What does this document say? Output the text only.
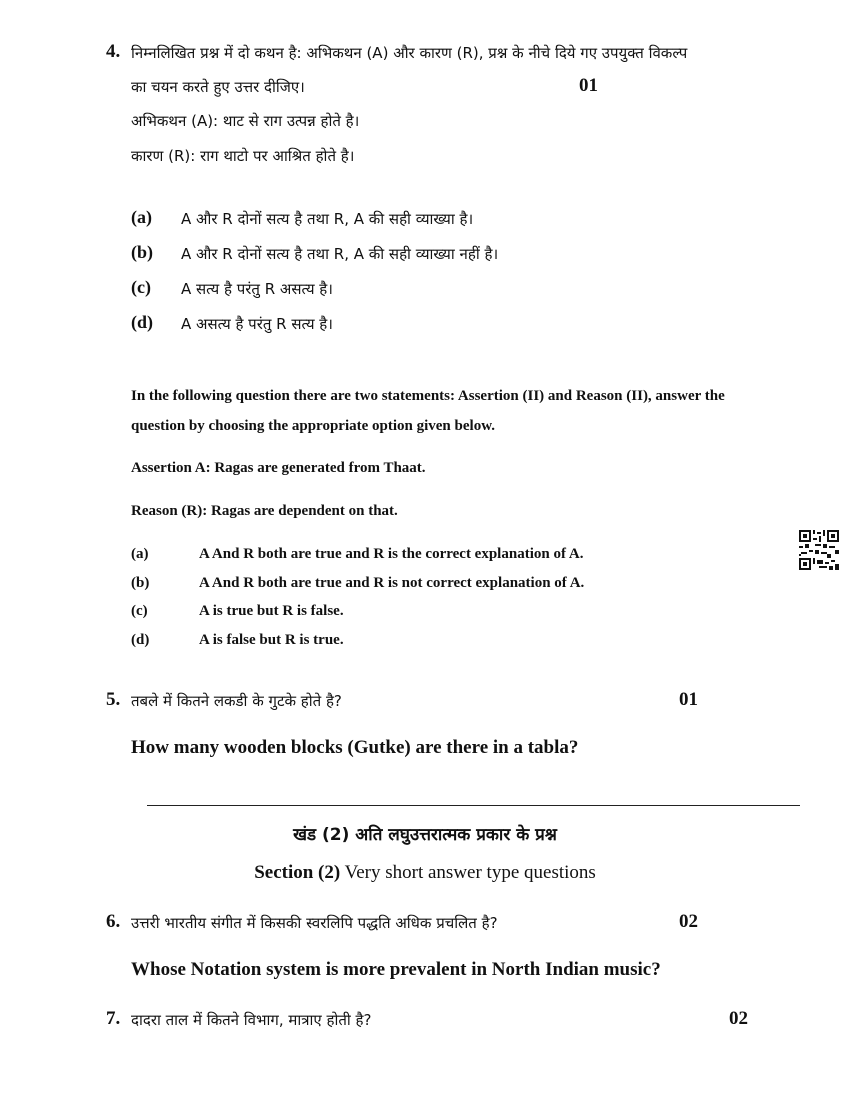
4. निम्नलिखित प्रश्न में दो कथन है: अभिकथन (A) और कारण (R), प्रश्न के नीचे दिये गए उपयुक्त विकल्प
का चयन करते हुए उत्तर दीजिए।	01
अभिकथन (A): थाट से राग उत्पन्न होते है।
कारण (R): राग थाटो पर आश्रित होते है।
(a) A और R दोनों सत्य है तथा R, A की सही व्याख्या है।
(b) A और R दोनों सत्य है तथा R, A की सही व्याख्या नहीं है।
(c) A सत्य है परंतु R असत्य है।
(d) A असत्य है परंतु R सत्य है।
In the following question there are two statements: Assertion (II) and Reason (II), answer the
question by choosing the appropriate option given below.
Assertion A: Ragas are generated from Thaat.
Reason (R): Ragas are dependent on that.
(a)	A And R both are true and R is the correct explanation of A.
(b)	A And R both are true and R is not correct explanation of A.
(c)	A is true but R is false.
(d)	A is false but R is true.
5. तबले में कितने लकडी के गुटके होते है?	01
How many wooden blocks (Gutke) are there in a tabla?
खंड (2) अति लघुउत्तरात्मक प्रकार के प्रश्न
Section (2) Very short answer type questions
6. उत्तरी भारतीय संगीत में किसकी स्वरलिपि पद्धति अधिक प्रचलित है?	02
Whose Notation system is more prevalent in North Indian music?
7. दादरा ताल में कितने विभाग, मात्राए होती है?	02
